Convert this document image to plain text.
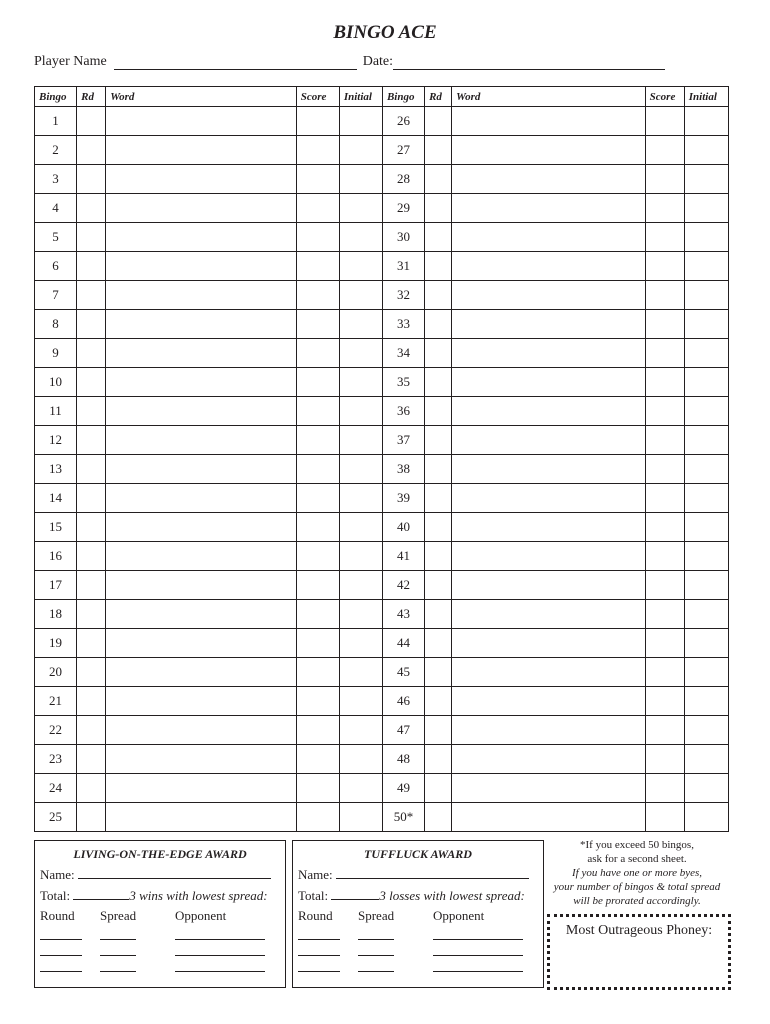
BINGO ACE
Player Name	Date:
Bingo	Rd	Word	Score	Initial	Bingo	Rd	Word	Score	Initial
1					26				
2					27				
3					28				
4					29				
5					30				
6					31				
7					32				
8					33				
9					34				
10					35				
11					36				
12					37				
13					38				
14					39				
15					40				
16					41				
17					42				
18					43				
19					44				
20					45				
21					46				
22					47				
23					48				
24					49				
25					50*				
LIVING-ON-THE-EDGE AWARD
Name:
Total:	3 wins with lowest spread:
Round	Spread	Opponent
TUFFLUCK AWARD
Name:
Total:	3 losses with lowest spread:
Round	Spread	Opponent
*If you exceed 50 bingos,
ask for a second sheet.
If you have one or more byes,
your number of bingos & total spread
will be prorated accordingly.
Most Outrageous Phoney:
